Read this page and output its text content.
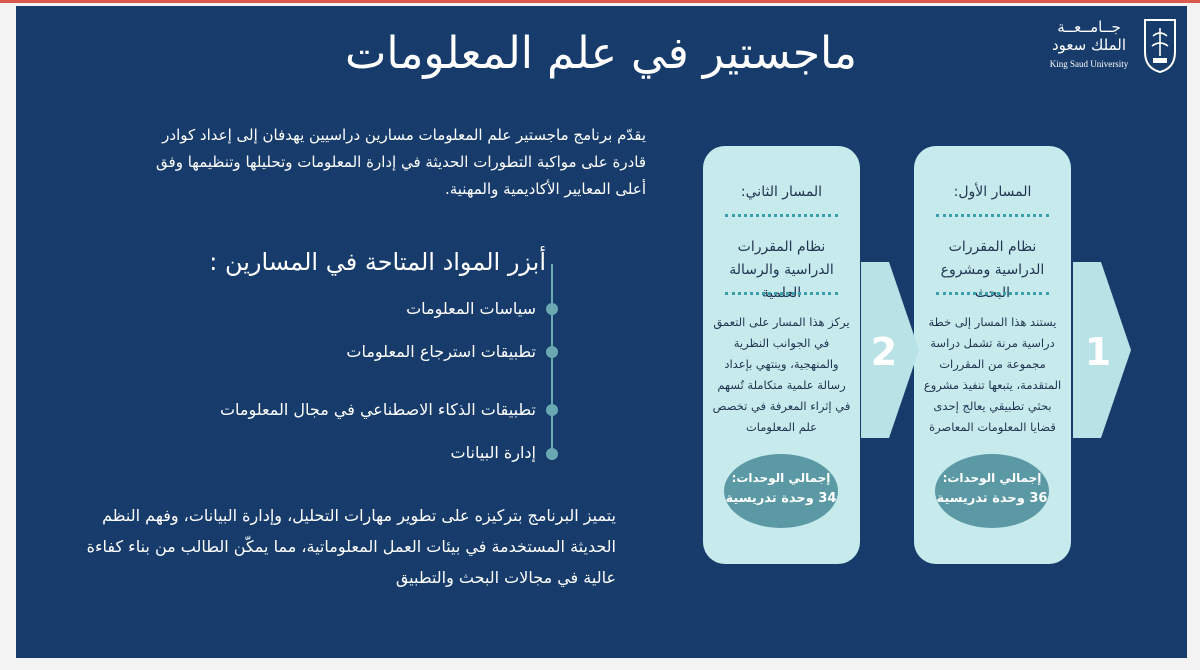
ماجستير في علم المعلومات
جــامــعــة
الملك سعود
King Saud University
يقدّم برنامج ماجستير علم المعلومات مسارين دراسيين يهدفان إلى إعداد كوادر قادرة على مواكبة التطورات الحديثة في إدارة المعلومات وتحليلها وتنظيمها وفق أعلى المعايير الأكاديمية والمهنية.
أبزر المواد المتاحة في المسارين :
سياسات المعلومات
تطبيقات استرجاع المعلومات
تطبيقات الذكاء الاصطناعي في مجال المعلومات
إدارة البيانات
يتميز البرنامج بتركيزه على تطوير مهارات التحليل، وإدارة البيانات، وفهم النظم الحديثة المستخدمة في بيئات العمل المعلوماتية، مما يمكّن الطالب من بناء كفاءة عالية في مجالات البحث والتطبيق
المسار الأول:
نظام المقررات الدراسية ومشروع البحث
يستند هذا المسار إلى خطة دراسية مرنة تشمل دراسة مجموعة من المقررات المتقدمة، يتبعها تنفيذ مشروع بحثي تطبيقي يعالج إحدى قضايا المعلومات المعاصرة
إجمالي الوحدات:
36 وحدة تدريسية
المسار الثاني:
نظام المقررات الدراسية والرسالة العلمية
يركز هذا المسار على التعمق في الجوانب النظرية والمنهجية، وينتهي بإعداد رسالة علمية متكاملة تُسهم في إثراء المعرفة في تخصص علم المعلومات
إجمالي الوحدات:
34 وحدة تدريسية
1
2
